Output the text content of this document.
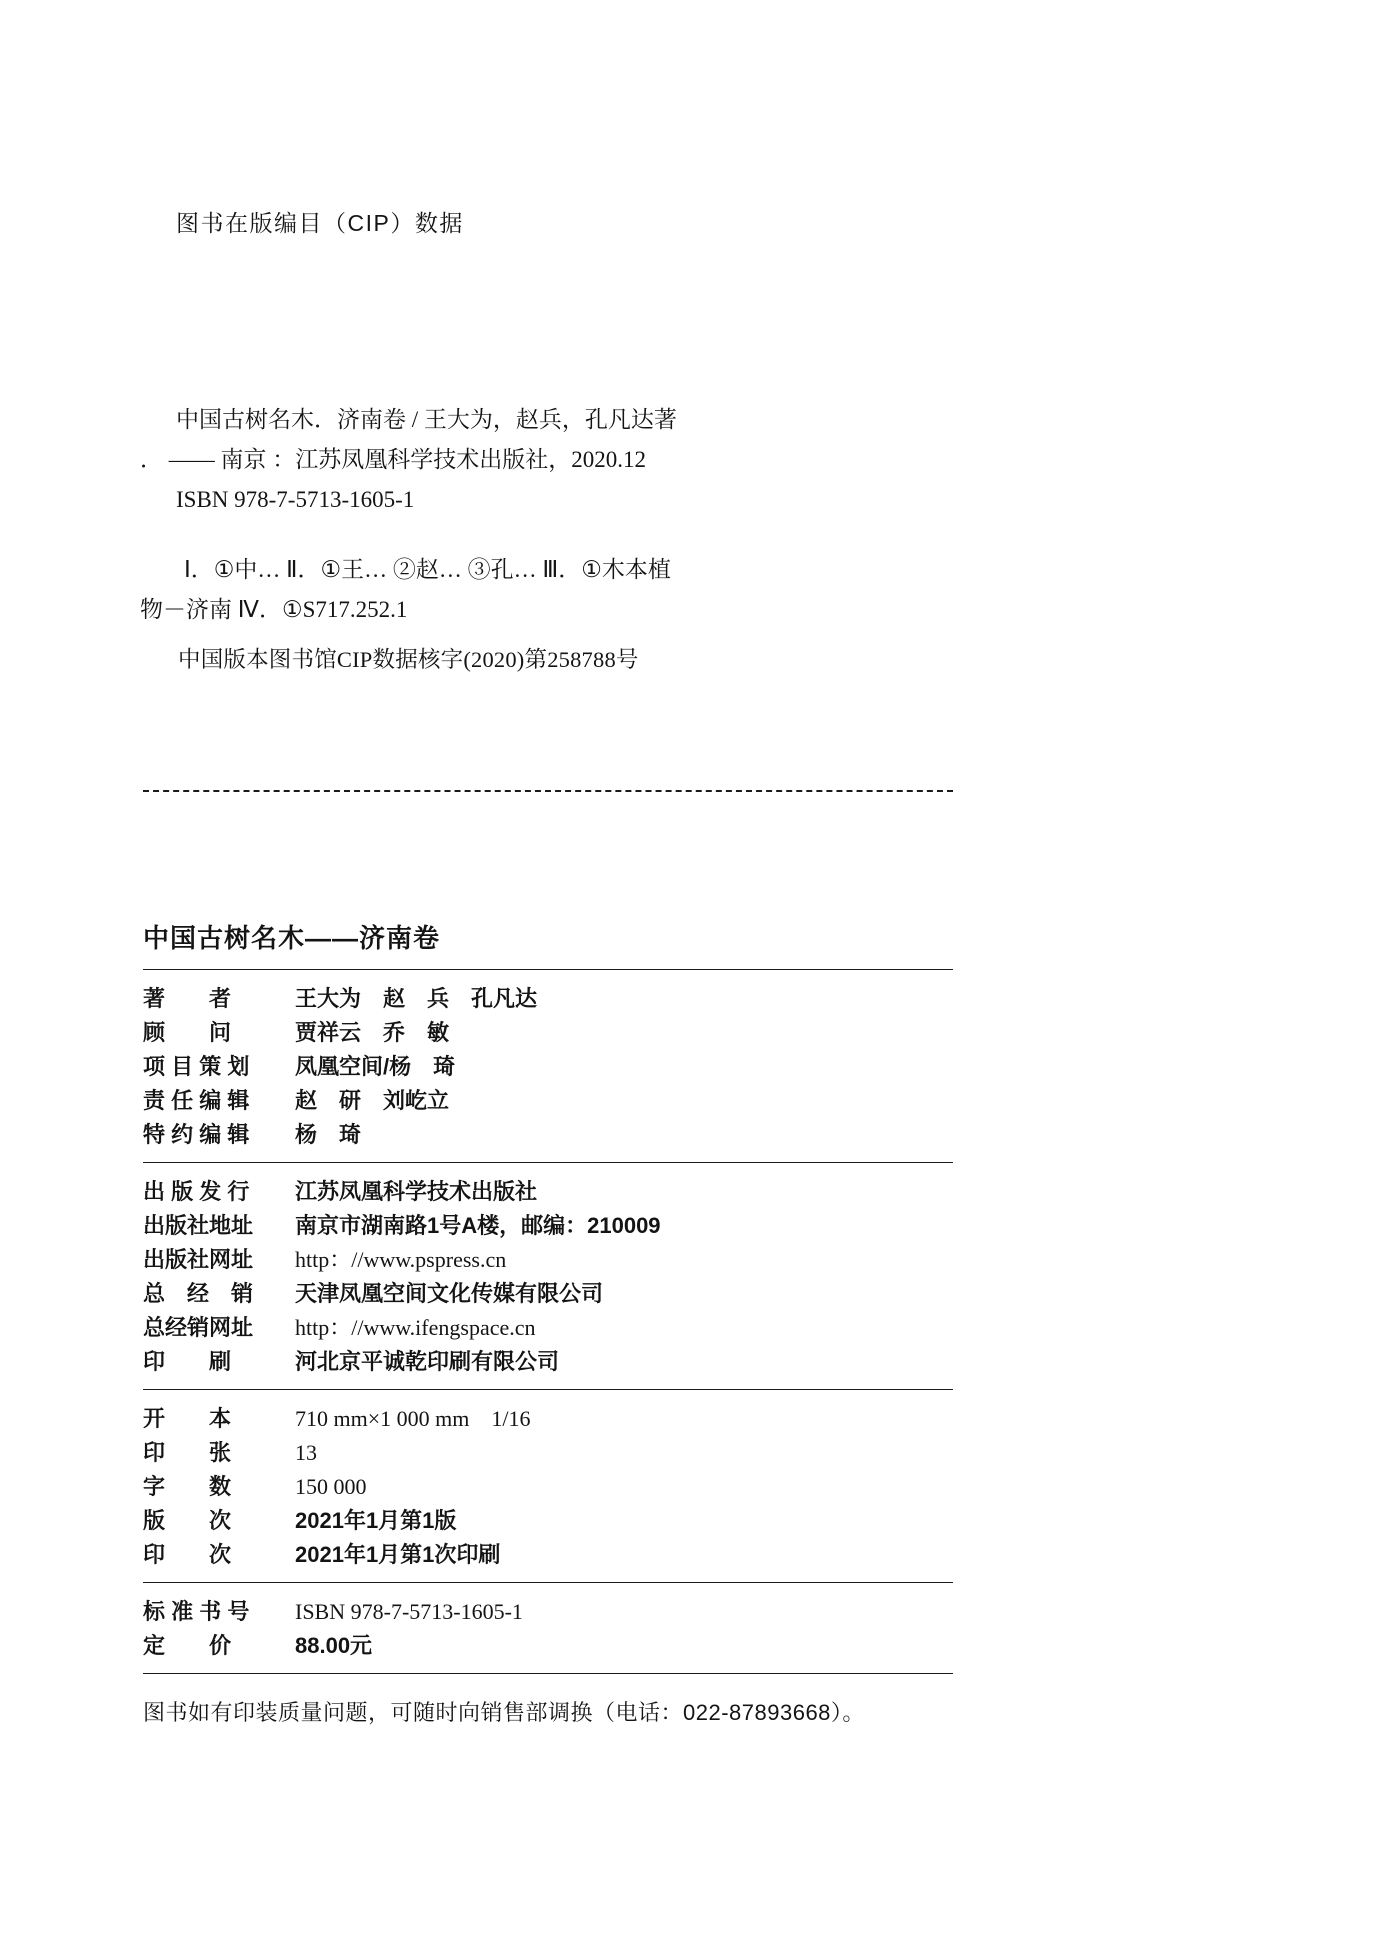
图书在版编目（CIP）数据
中国古树名木．济南卷 / 王大为，赵兵，孔凡达著
． —— 南京 ：江苏凤凰科学技术出版社，2020.12
ISBN 978-7-5713-1605-1
Ⅰ．①中… Ⅱ．①王… ②赵… ③孔… Ⅲ．①木本植
物－济南 Ⅳ．①S717.252.1
中国版本图书馆CIP数据核字(2020)第258788号
中国古树名木——济南卷
著　　者	王大为　赵　兵　孔凡达
顾　　问	贾祥云　乔　敏
项 目 策 划	凤凰空间/杨　琦
责 任 编 辑	赵　研　刘屹立
特 约 编 辑	杨　琦
出 版 发 行	江苏凤凰科学技术出版社
出版社地址	南京市湖南路1号A楼，邮编：210009
出版社网址	http：//www.pspress.cn
总　经　销	天津凤凰空间文化传媒有限公司
总经销网址	http：//www.ifengspace.cn
印　　刷	河北京平诚乾印刷有限公司
开　　本	710 mm×1 000 mm　1/16
印　　张	13
字　　数	150 000
版　　次	2021年1月第1版
印　　次	2021年1月第1次印刷
标 准 书 号	ISBN 978-7-5713-1605-1
定　　价	88.00元
图书如有印装质量问题，可随时向销售部调换（电话：022-87893668）。
